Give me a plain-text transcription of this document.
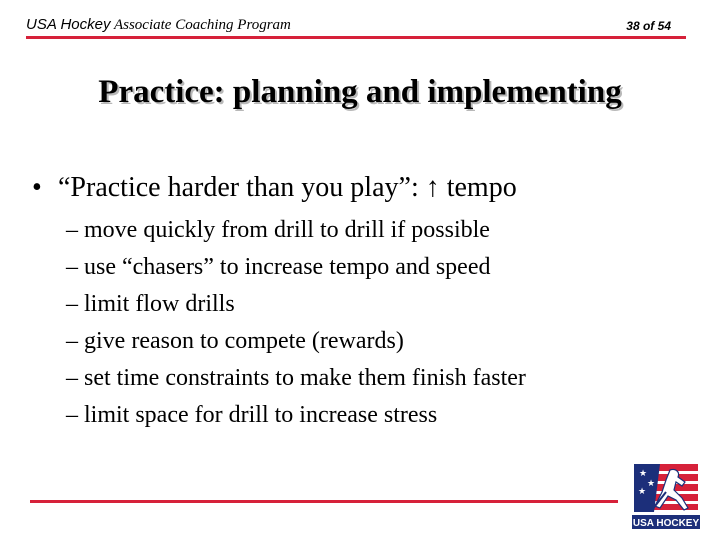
USA Hockey Associate Coaching Program	38 of 54
Practice: planning and implementing
• “Practice harder than you play”: ↑ tempo
– move quickly from drill to drill if possible
– use “chasers” to increase tempo and speed
– limit flow drills
– give reason to compete (rewards)
– set time constraints to make them finish faster
– limit space for drill to increase stress
★
★
★
USA HOCKEY
